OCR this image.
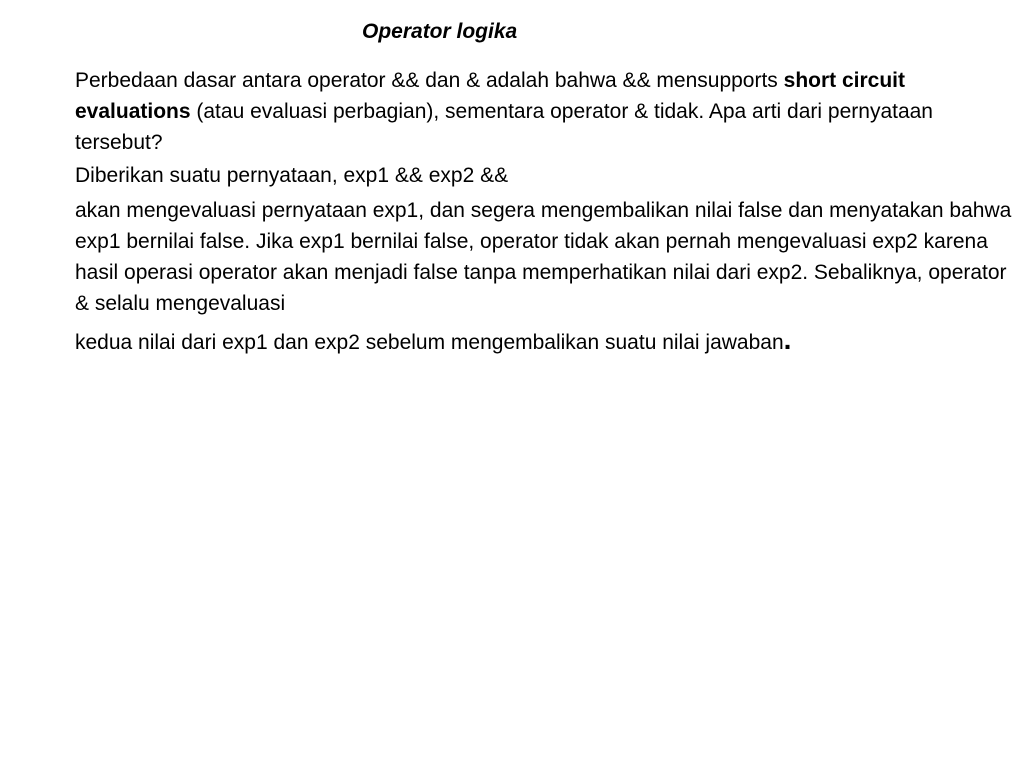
Operator logika

Perbedaan dasar antara operator && dan & adalah bahwa && mensupports short circuit evaluations (atau evaluasi perbagian), sementara operator & tidak. Apa arti dari pernyataan tersebut?

Diberikan suatu pernyataan, exp1 && exp2 &&

akan mengevaluasi pernyataan exp1, dan segera mengembalikan nilai false dan menyatakan bahwa exp1 bernilai false. Jika exp1 bernilai false, operator tidak akan pernah mengevaluasi exp2 karena hasil operasi operator akan menjadi false tanpa memperhatikan nilai dari exp2. Sebaliknya, operator & selalu mengevaluasi

kedua nilai dari exp1 dan exp2 sebelum mengembalikan suatu nilai jawaban.
